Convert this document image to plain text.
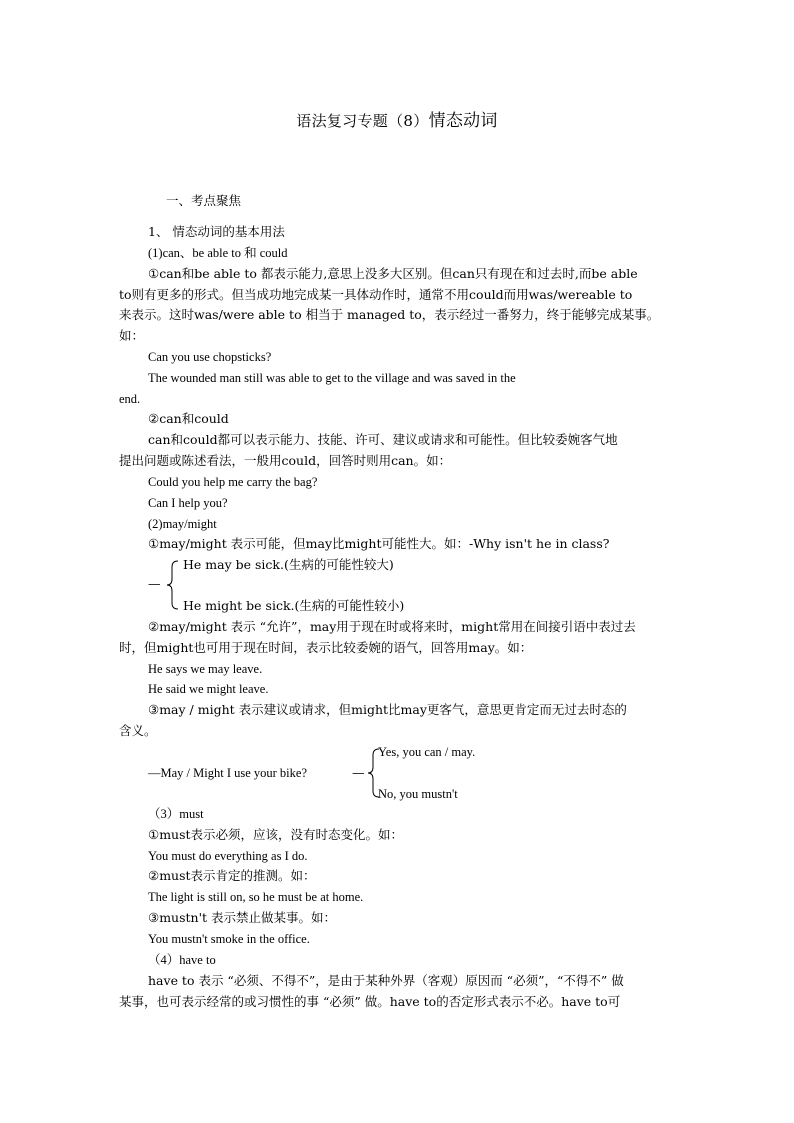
语法复习专题（8）情态动词
一、考点聚焦
1、 情态动词的基本用法
(1)can、be able to 和 could
①can和be able to 都表示能力,意思上没多大区别。但can只有现在和过去时,而be able
to则有更多的形式。但当成功地完成某一具体动作时，通常不用could而用was/wereable to
来表示。这时was/were able to 相当于 managed to，表示经过一番努力，终于能够完成某事。
如：
Can you use chopsticks?
The wounded man still was able to get to the village and was saved in the
end.
②can和could
can和could都可以表示能力、技能、许可、建议或请求和可能性。但比较委婉客气地
提出问题或陈述看法，一般用could，回答时则用can。如：
Could you help me carry the bag?
Can I help you?
(2)may/might
①may/might 表示可能，但may比might可能性大。如：-Why isn't he in class?
—
He may be sick.(生病的可能性较大)
He might be sick.(生病的可能性较小)
②may/might 表示 “允许”，may用于现在时或将来时，might常用在间接引语中表过去
时，但might也可用于现在时间，表示比较委婉的语气，回答用may。如：
He says we may leave.
He said we might leave.
③may / might 表示建议或请求，但might比may更客气，意思更肯定而无过去时态的
含义。
—May / Might I use your bike?	—
Yes, you can / may.
No, you mustn't
（3）must
①must表示必须，应该，没有时态变化。如：
You must do everything as I do.
②must表示肯定的推测。如：
The light is still on, so he must be at home.
③mustn't 表示禁止做某事。如：
You mustn't smoke in the office.
（4）have to
have to 表示 “必须、不得不”，是由于某种外界（客观）原因而 “必须”，“不得不” 做
某事，也可表示经常的或习惯性的事 “必须” 做。have to的否定形式表示不必。have to可
